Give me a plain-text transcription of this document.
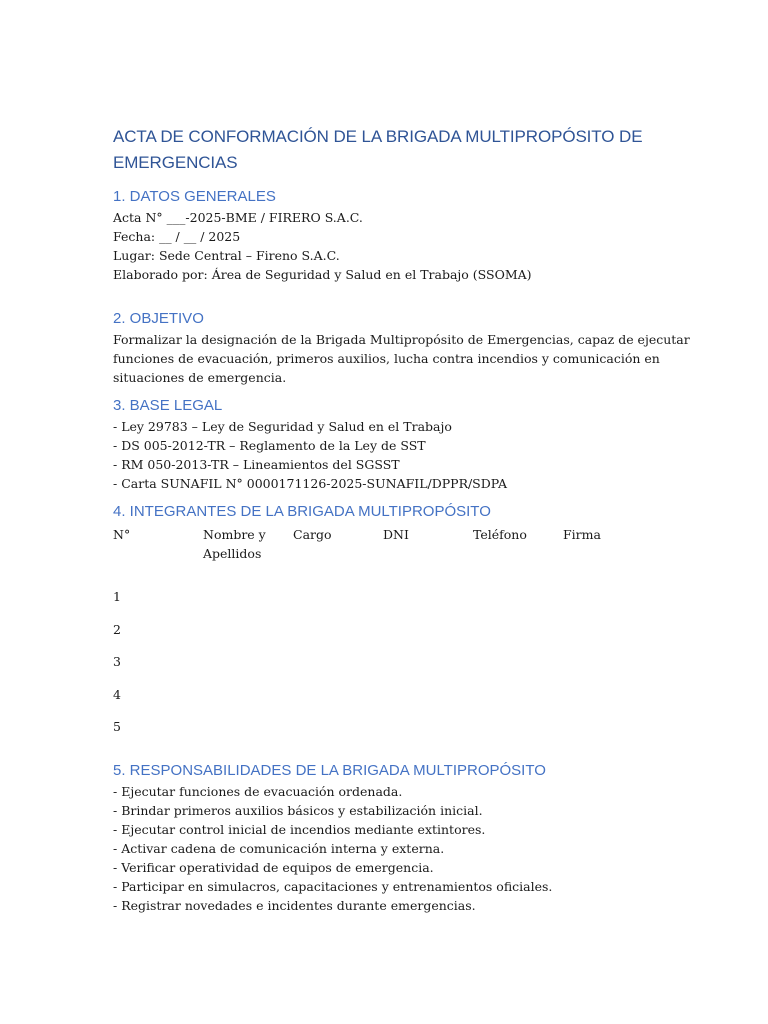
ACTA DE CONFORMACIÓN DE LA BRIGADA MULTIPROPÓSITO DE EMERGENCIAS
1. DATOS GENERALES
Acta N° ___-2025-BME / FIRERO S.A.C.
Fecha: __ / __ / 2025
Lugar: Sede Central – Fireno S.A.C.
Elaborado por: Área de Seguridad y Salud en el Trabajo (SSOMA)
2. OBJETIVO

Formalizar la designación de la Brigada Multipropósito de Emergencias, capaz de ejecutar funciones de evacuación, primeros auxilios, lucha contra incendios y comunicación en situaciones de emergencia.

3. BASE LEGAL
- Ley 29783 – Ley de Seguridad y Salud en el Trabajo
- DS 005-2012-TR – Reglamento de la Ley de SST
- RM 050-2013-TR – Lineamientos del SGSST
- Carta SUNAFIL N° 0000171126-2025-SUNAFIL/DPPR/SDPA
4. INTEGRANTES DE LA BRIGADA MULTIPROPÓSITO
N°	Nombre y Apellidos	Cargo	DNI	Teléfono	Firma
1					
2					
3					
4					
5					
5. RESPONSABILIDADES DE LA BRIGADA MULTIPROPÓSITO
- Ejecutar funciones de evacuación ordenada.
- Brindar primeros auxilios básicos y estabilización inicial.
- Ejecutar control inicial de incendios mediante extintores.
- Activar cadena de comunicación interna y externa.
- Verificar operatividad de equipos de emergencia.
- Participar en simulacros, capacitaciones y entrenamientos oficiales.
- Registrar novedades e incidentes durante emergencias.
